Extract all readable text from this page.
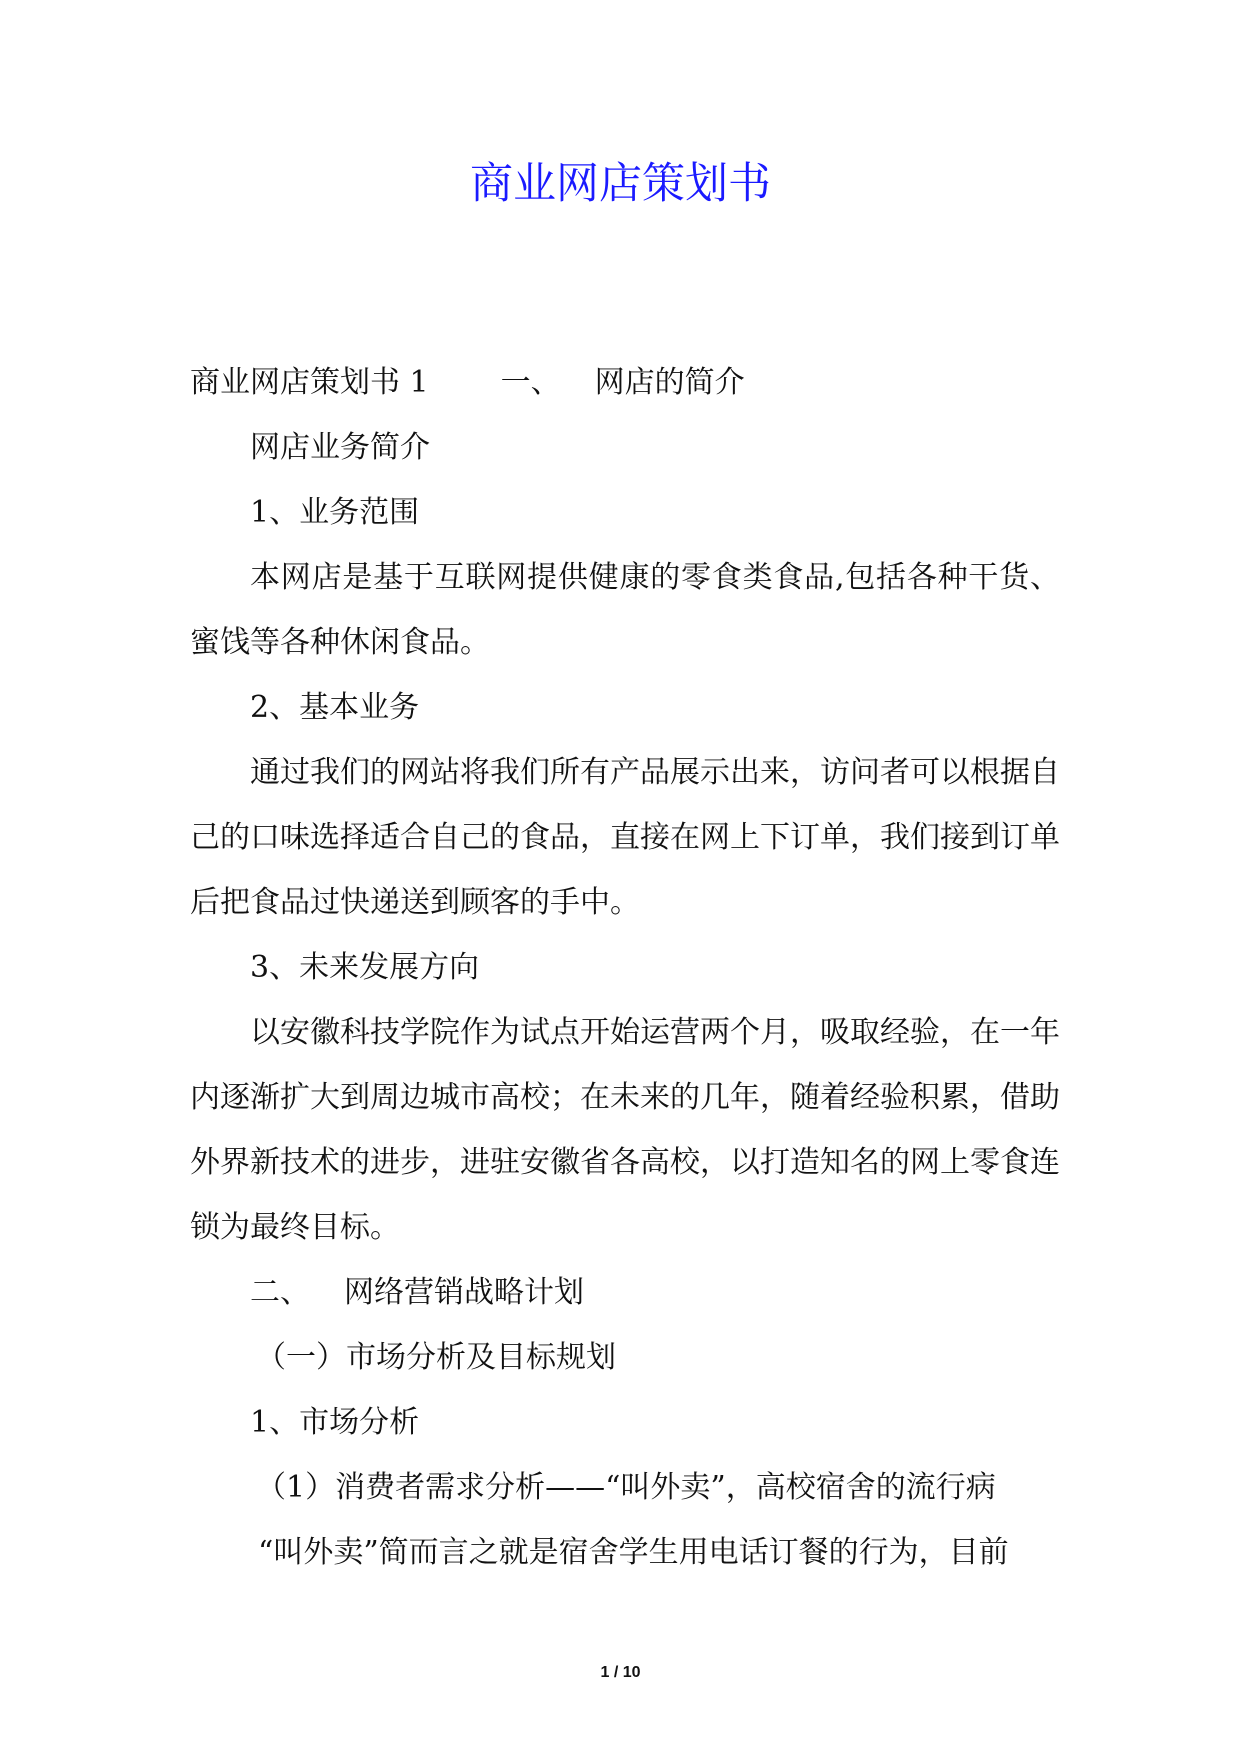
商业网店策划书

商业网店策划书 1 一、 网店的简介

网店业务简介

1、业务范围

本网店是基于互联网提供健康的零食类食品,包括各种干货、蜜饯等各种休闲食品。

2、基本业务

通过我们的网站将我们所有产品展示出来，访问者可以根据自己的口味选择适合自己的食品，直接在网上下订单，我们接到订单后把食品过快递送到顾客的手中。

3、未来发展方向

以安徽科技学院作为试点开始运营两个月，吸取经验，在一年内逐渐扩大到周边城市高校；在未来的几年，随着经验积累，借助外界新技术的进步，进驻安徽省各高校，以打造知名的网上零食连锁为最终目标。

二、 网络营销战略计划

（一）市场分析及目标规划

1、市场分析

（1）消费者需求分析——“叫外卖”，高校宿舍的流行病

“叫外卖”简而言之就是宿舍学生用电话订餐的行为，目前

1 / 10
